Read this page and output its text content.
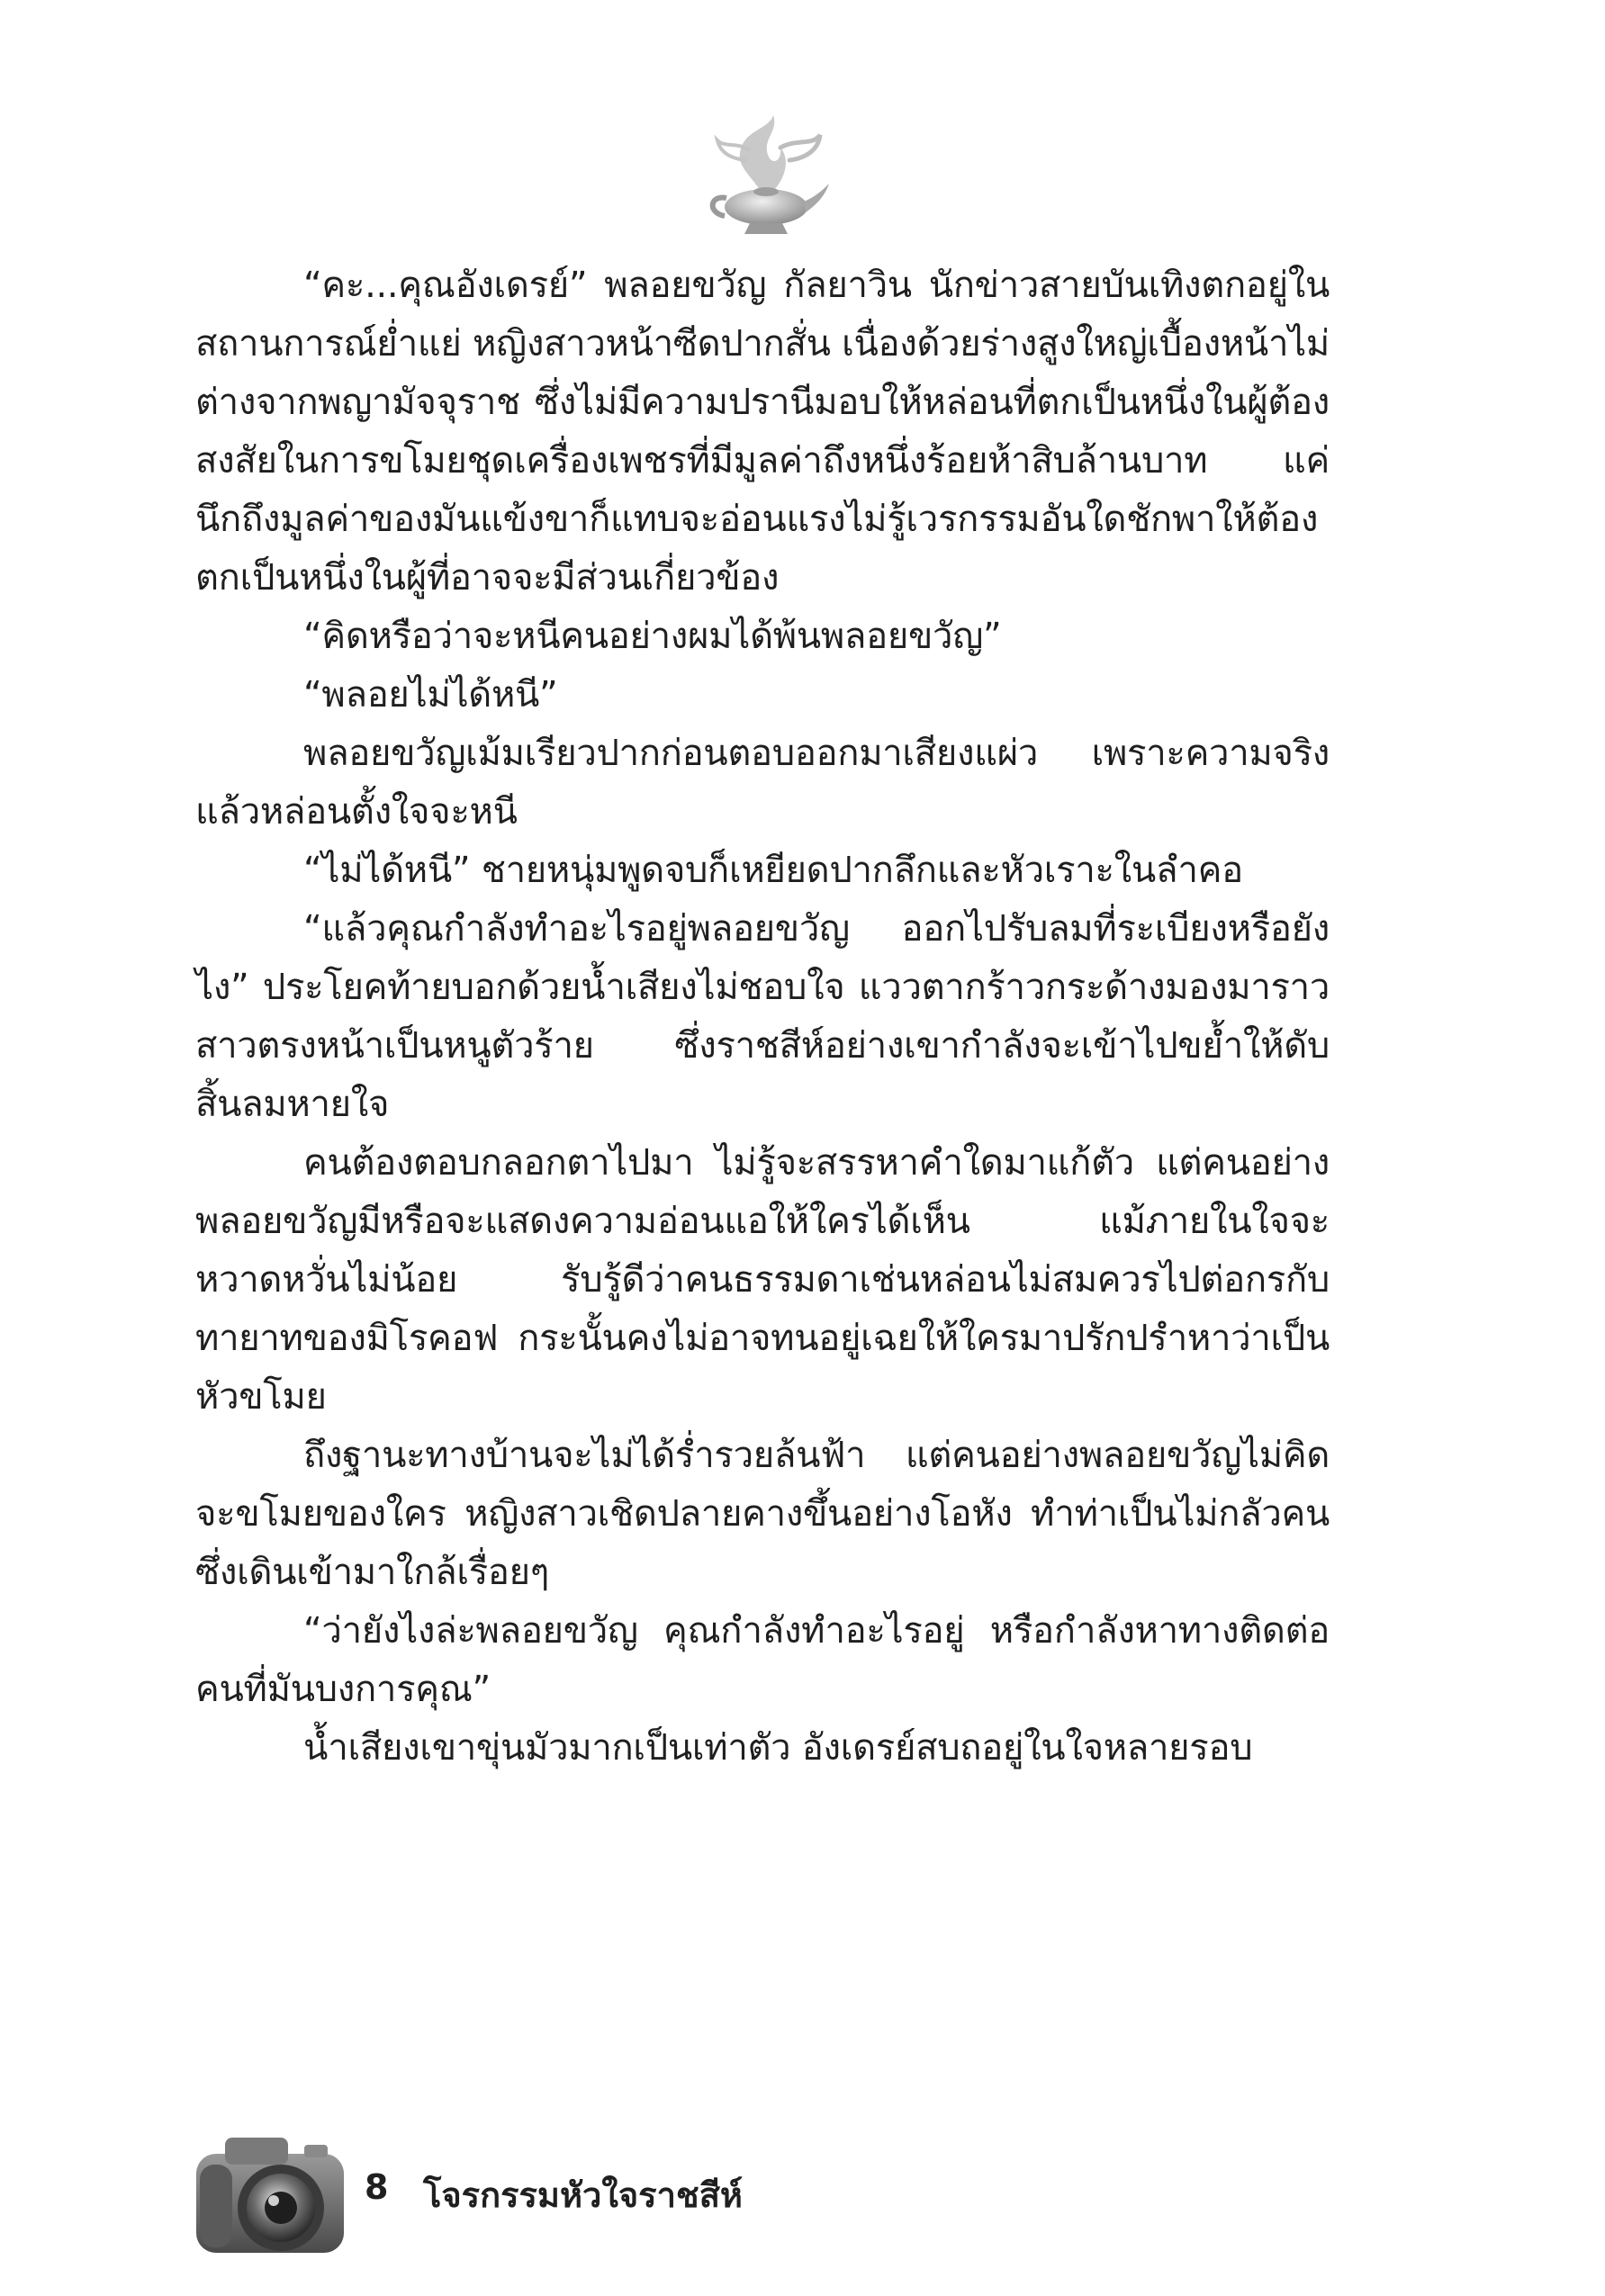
“คะ...คุณอังเดรย์” พลอยขวัญ กัลยาวิน นักข่าวสายบันเทิงตกอยู่ในสถานการณ์ย่ำแย่ หญิงสาวหน้าซีดปากสั่น เนื่องด้วยร่างสูงใหญ่เบื้องหน้าไม่ต่างจากพญามัจจุราช ซึ่งไม่มีความปรานีมอบให้หล่อนที่ตกเป็นหนึ่งในผู้ต้องสงสัยในการขโมยชุดเครื่องเพชรที่มีมูลค่าถึงหนึ่งร้อยห้าสิบล้านบาท แค่นึกถึงมูลค่าของมันแข้งขาก็แทบจะอ่อนแรงไม่รู้เวรกรรมอันใดชักพาให้ต้องตกเป็นหนึ่งในผู้ที่อาจจะมีส่วนเกี่ยวข้อง

“คิดหรือว่าจะหนีคนอย่างผมได้พ้นพลอยขวัญ”

“พลอยไม่ได้หนี”

พลอยขวัญเม้มเรียวปากก่อนตอบออกมาเสียงแผ่ว เพราะความจริงแล้วหล่อนตั้งใจจะหนี

“ไม่ได้หนี” ชายหนุ่มพูดจบก็เหยียดปากลึกและหัวเราะในลำคอ

“แล้วคุณกำลังทำอะไรอยู่พลอยขวัญ ออกไปรับลมที่ระเบียงหรือยังไง” ประโยคท้ายบอกด้วยน้ำเสียงไม่ชอบใจ แววตากร้าวกระด้างมองมาราวสาวตรงหน้าเป็นหนูตัวร้าย ซึ่งราชสีห์อย่างเขากำลังจะเข้าไปขย้ำให้ดับสิ้นลมหายใจ

คนต้องตอบกลอกตาไปมา ไม่รู้จะสรรหาคำใดมาแก้ตัว แต่คนอย่างพลอยขวัญมีหรือจะแสดงความอ่อนแอให้ใครได้เห็น แม้ภายในใจจะหวาดหวั่นไม่น้อย รับรู้ดีว่าคนธรรมดาเช่นหล่อนไม่สมควรไปต่อกรกับทายาทของมิโรคอฟ กระนั้นคงไม่อาจทนอยู่เฉยให้ใครมาปรักปรำหาว่าเป็นหัวขโมย

ถึงฐานะทางบ้านจะไม่ได้ร่ำรวยล้นฟ้า แต่คนอย่างพลอยขวัญไม่คิดจะขโมยของใคร หญิงสาวเชิดปลายคางขึ้นอย่างโอหัง ทำท่าเป็นไม่กลัวคนซึ่งเดินเข้ามาใกล้เรื่อยๆ

“ว่ายังไงล่ะพลอยขวัญ คุณกำลังทำอะไรอยู่ หรือกำลังหาทางติดต่อคนที่มันบงการคุณ”

น้ำเสียงเขาขุ่นมัวมากเป็นเท่าตัว อังเดรย์สบถอยู่ในใจหลายรอบ

8 โจรกรรมหัวใจราชสีห์
